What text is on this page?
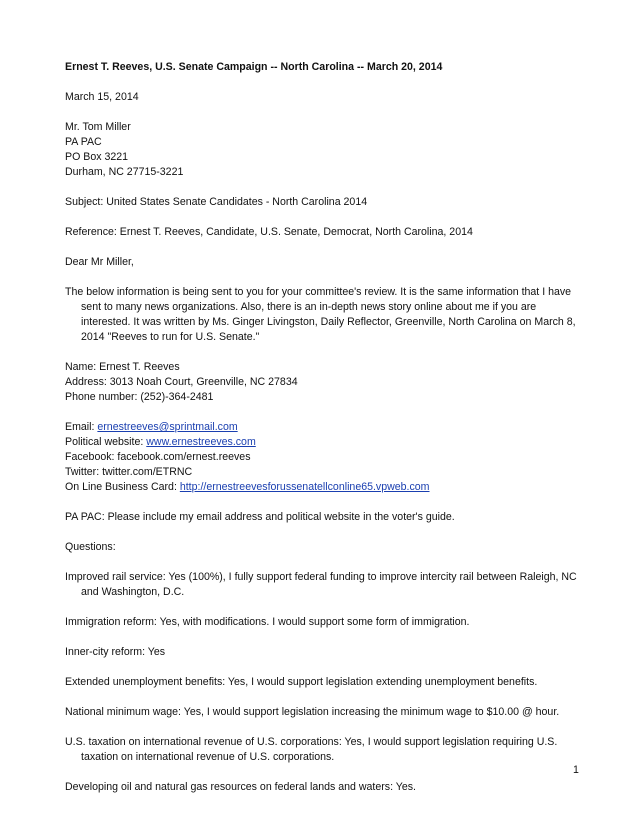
Ernest T. Reeves, U.S. Senate Campaign -- North Carolina -- March 20, 2014
March 15, 2014
Mr. Tom Miller
PA PAC
PO Box 3221
Durham, NC 27715-3221
Subject: United States Senate Candidates - North Carolina 2014
Reference: Ernest T. Reeves, Candidate, U.S. Senate, Democrat, North Carolina, 2014
Dear Mr Miller,
The below information is being sent to you for your committee's review. It is the same information that I have
sent to many news organizations. Also, there is an in-depth news story online about me if you are
interested. It was written by Ms. Ginger Livingston, Daily Reflector, Greenville, North Carolina on March 8,
2014 "Reeves to run for U.S. Senate."
Name: Ernest T. Reeves
Address: 3013 Noah Court, Greenville, NC 27834
Phone number: (252)-364-2481
Email: ernestreeves@sprintmail.com
Political website: www.ernestreeves.com
Facebook: facebook.com/ernest.reeves
Twitter: twitter.com/ETRNC
On Line Business Card: http://ernestreevesforussenatellconline65.vpweb.com
PA PAC: Please include my email address and political website in the voter's guide.
Questions:
Improved rail service: Yes (100%), I fully support federal funding to improve intercity rail between Raleigh, NC
and Washington, D.C.
Immigration reform: Yes, with modifications. I would support some form of immigration.
Inner-city reform: Yes
Extended unemployment benefits: Yes, I would support legislation extending unemployment benefits.
National minimum wage: Yes, I would support legislation increasing the minimum wage to $10.00 @ hour.
U.S. taxation on international revenue of U.S. corporations: Yes, I would support legislation requiring U.S.
taxation on international revenue of U.S. corporations.
Developing oil and natural gas resources on federal lands and waters: Yes.
1
